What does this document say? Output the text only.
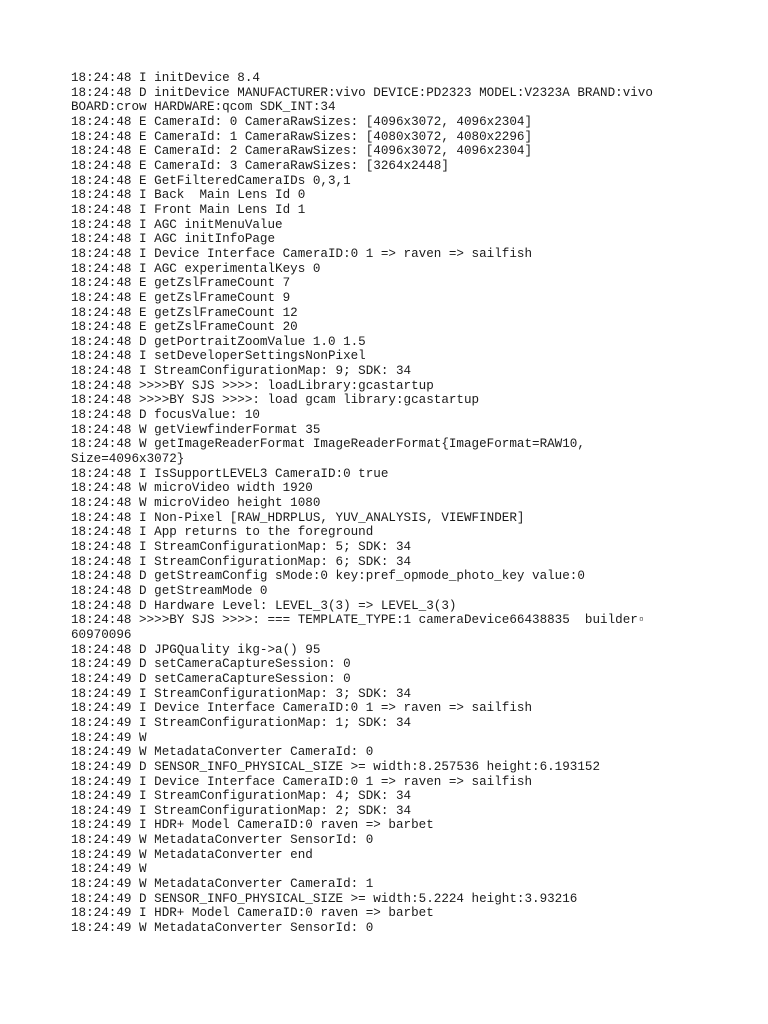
18:24:48 I initDevice 8.4
18:24:48 D initDevice MANUFACTURER:vivo DEVICE:PD2323 MODEL:V2323A BRAND:vivo
BOARD:crow HARDWARE:qcom SDK_INT:34
18:24:48 E CameraId: 0 CameraRawSizes: [4096x3072, 4096x2304]
18:24:48 E CameraId: 1 CameraRawSizes: [4080x3072, 4080x2296]
18:24:48 E CameraId: 2 CameraRawSizes: [4096x3072, 4096x2304]
18:24:48 E CameraId: 3 CameraRawSizes: [3264x2448]
18:24:48 E GetFilteredCameraIDs 0,3,1
18:24:48 I Back  Main Lens Id 0
18:24:48 I Front Main Lens Id 1
18:24:48 I AGC initMenuValue
18:24:48 I AGC initInfoPage
18:24:48 I Device Interface CameraID:0 1 => raven => sailfish
18:24:48 I AGC experimentalKeys 0
18:24:48 E getZslFrameCount 7
18:24:48 E getZslFrameCount 9
18:24:48 E getZslFrameCount 12
18:24:48 E getZslFrameCount 20
18:24:48 D getPortraitZoomValue 1.0 1.5
18:24:48 I setDeveloperSettingsNonPixel
18:24:48 I StreamConfigurationMap: 9; SDK: 34
18:24:48 >>>>BY SJS >>>>: loadLibrary:gcastartup
18:24:48 >>>>BY SJS >>>>: load gcam library:gcastartup
18:24:48 D focusValue: 10
18:24:48 W getViewfinderFormat 35
18:24:48 W getImageReaderFormat ImageReaderFormat{ImageFormat=RAW10,
Size=4096x3072}
18:24:48 I IsSupportLEVEL3 CameraID:0 true
18:24:48 W microVideo width 1920
18:24:48 W microVideo height 1080
18:24:48 I Non-Pixel [RAW_HDRPLUS, YUV_ANALYSIS, VIEWFINDER]
18:24:48 I App returns to the foreground
18:24:48 I StreamConfigurationMap: 5; SDK: 34
18:24:48 I StreamConfigurationMap: 6; SDK: 34
18:24:48 D getStreamConfig sMode:0 key:pref_opmode_photo_key value:0
18:24:48 D getStreamMode 0
18:24:48 D Hardware Level: LEVEL_3(3) => LEVEL_3(3)
18:24:48 >>>>BY SJS >>>>: === TEMPLATE_TYPE:1 cameraDevice66438835  builder▫
60970096
18:24:48 D JPGQuality ikg->a() 95
18:24:49 D setCameraCaptureSession: 0
18:24:49 D setCameraCaptureSession: 0
18:24:49 I StreamConfigurationMap: 3; SDK: 34
18:24:49 I Device Interface CameraID:0 1 => raven => sailfish
18:24:49 I StreamConfigurationMap: 1; SDK: 34
18:24:49 W
18:24:49 W MetadataConverter CameraId: 0
18:24:49 D SENSOR_INFO_PHYSICAL_SIZE >= width:8.257536 height:6.193152
18:24:49 I Device Interface CameraID:0 1 => raven => sailfish
18:24:49 I StreamConfigurationMap: 4; SDK: 34
18:24:49 I StreamConfigurationMap: 2; SDK: 34
18:24:49 I HDR+ Model CameraID:0 raven => barbet
18:24:49 W MetadataConverter SensorId: 0
18:24:49 W MetadataConverter end
18:24:49 W
18:24:49 W MetadataConverter CameraId: 1
18:24:49 D SENSOR_INFO_PHYSICAL_SIZE >= width:5.2224 height:3.93216
18:24:49 I HDR+ Model CameraID:0 raven => barbet
18:24:49 W MetadataConverter SensorId: 0
